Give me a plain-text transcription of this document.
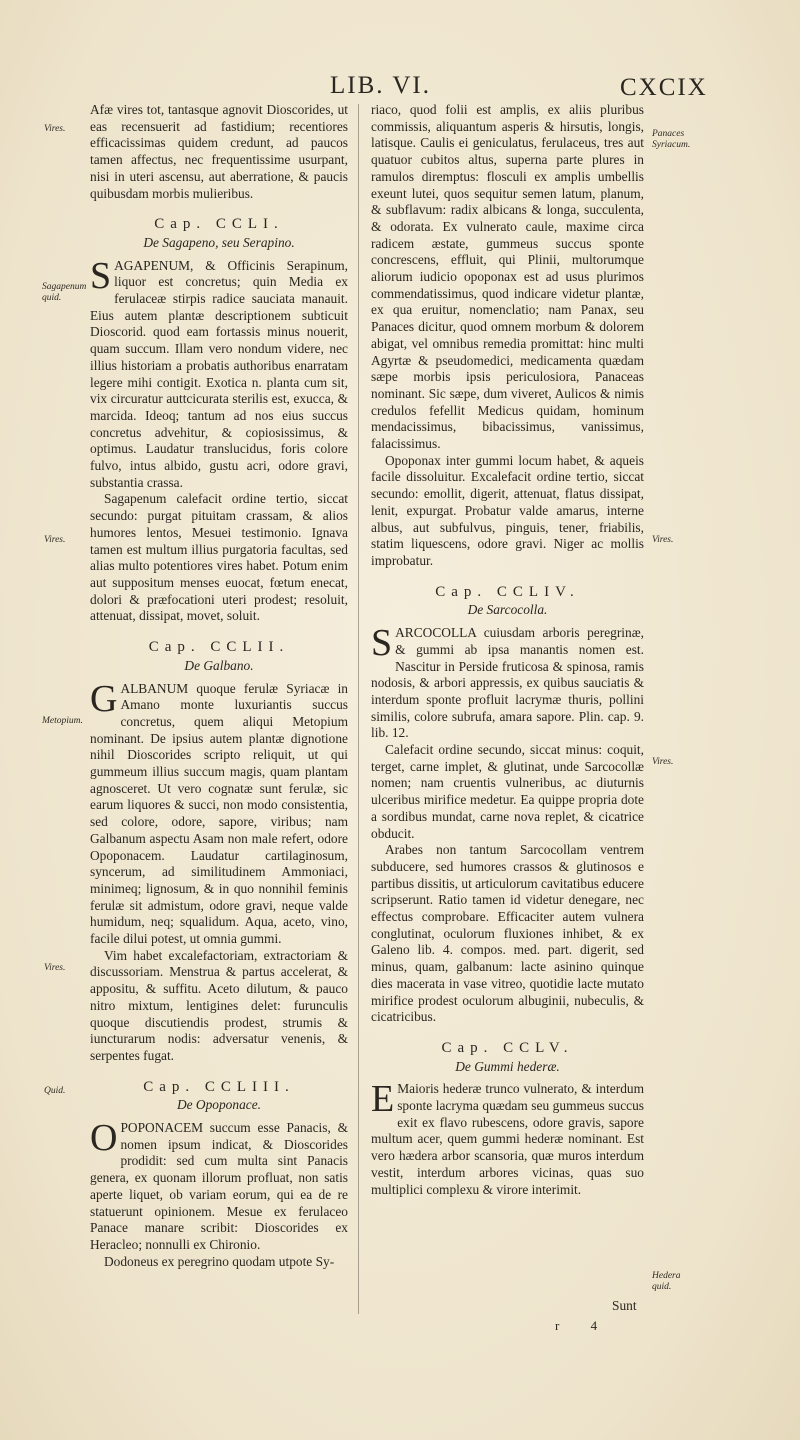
LIB. VI.	CXCIX
Vires.
Sagapenum quid.
Vires.
Metopium.
Vires.
Quid.
Panaces Syriacum.
Vires.
Vires.
Hedera quid.

Afæ vires tot, tantasque agnovit Dioscorides, ut eas recensuerit ad fastidium; recentiores efficacissimas quidem credunt, ad paucos tamen affectus, nec frequentissime usurpant, nisi in uteri ascensu, aut aberratione, & paucis quibusdam morbis mulieribus.

Cap. CCLI.
De Sagapeno, seu Serapino.

SAGAPENUM, & Officinis Serapinum, liquor est concretus; quin Media ex ferulaceæ stirpis radice sauciata manauit. Eius autem plantæ descriptionem subticuit Dioscorid. quod eam fortassis minus nouerit, quam succum. Illam vero nondum videre, nec illius historiam a probatis authoribus enarratam legere mihi contigit. Exotica n. planta cum sit, vix circuratur auttcicurata sterilis est, exucca, & marcida. Ideoq; tantum ad nos eius succus concretus advehitur, & copiosissimus, & optimus. Laudatur translucidus, foris colore fulvo, intus albido, gustu acri, odore gravi, substantia crassa.

Sagapenum calefacit ordine tertio, siccat secundo: purgat pituitam crassam, & alios humores lentos, Mesuei testimonio. Ignava tamen est multum illius purgatoria facultas, sed alias multo potentiores vires habet. Potum enim aut suppositum menses euocat, fœtum enecat, dolori & præfocationi uteri prodest; resoluit, attenuat, dissipat, movet, soluit.

Cap. CCLII.
De Galbano.

GALBANUM quoque ferulæ Syriacæ in Amano monte luxuriantis succus concretus, quem aliqui Metopium nominant. De ipsius autem plantæ dignotione nihil Dioscorides scripto reliquit, ut qui gummeum illius succum magis, quam plantam agnosceret. Ut vero cognatæ sunt ferulæ, sic earum liquores & succi, non modo consistentia, sed colore, odore, sapore, viribus; nam Galbanum aspectu Asam non male refert, odore Opoponacem. Laudatur cartilaginosum, syncerum, ad similitudinem Ammoniaci, minimeq; lignosum, & in quo nonnihil feminis ferulæ sit admistum, odore gravi, neque valde humidum, neq; squalidum. Aqua, aceto, vino, facile dilui potest, ut omnia gummi.

Vim habet excalefactoriam, extractoriam & discussoriam. Menstrua & partus accelerat, & appositu, & suffitu. Aceto dilutum, & pauco nitro mixtum, lentigines delet: furunculis quoque discutiendis prodest, strumis & iuncturarum nodis: adversatur venenis, & serpentes fugat.

Cap. CCLIII.
De Opoponace.

OPOPONACEM succum esse Panacis, & nomen ipsum indicat, & Dioscorides prodidit: sed cum multa sint Panacis genera, ex quonam illorum profluat, non satis aperte liquet, ob variam eorum, qui ea de re statuerunt opinionem. Mesue ex ferulaceo Panace manare scribit: Dioscorides ex Heracleo; nonnulli ex Chironio.

Dodoneus ex peregrino quodam utpote Sy-

riaco, quod folii est amplis, ex aliis pluribus commissis, aliquantum asperis & hirsutis, longis, latisque. Caulis ei geniculatus, ferulaceus, tres aut quatuor cubitos altus, superna parte plures in ramulos diremptus: flosculi ex amplis umbellis exeunt lutei, quos sequitur semen latum, planum, & subflavum: radix albicans & longa, succulenta, & odorata. Ex vulnerato caule, maxime circa radicem æstate, gummeus succus sponte concrescens, effluit, qui Plinii, multorumque aliorum iudicio opoponax est ad usus plurimos commendatissimus, quod indicare videtur plantæ, ex qua eruitur, nomenclatio; nam Panax, seu Panaces dicitur, quod omnem morbum & dolorem abigat, vel omnibus remedia promittat: hinc multi Agyrtæ & pseudomedici, medicamenta quædam sæpe morbis ipsis periculosiora, Panaceas nominant. Sic sæpe, dum viveret, Aulicos & nimis credulos fefellit Medicus quidam, hominum mendacissimus, bibacissimus, vanissimus, falacissimus.

Opoponax inter gummi locum habet, & aqueis facile dissoluitur. Excalefacit ordine tertio, siccat secundo: emollit, digerit, attenuat, flatus dissipat, lenit, expurgat. Probatur valde amarus, interne albus, aut subfulvus, pinguis, tener, friabilis, statim liquescens, odore gravi. Niger ac mollis improbatur.

Cap. CCLIV.
De Sarcocolla.

SARCOCOLLA cuiusdam arboris peregrinæ, & gummi ab ipsa manantis nomen est. Nascitur in Perside fruticosa & spinosa, ramis nodosis, & arbori appressis, ex quibus sauciatis & interdum sponte profluit lacrymæ thuris, pollini similis, colore subrufa, amara sapore. Plin. cap. 9. lib. 12.

Calefacit ordine secundo, siccat minus: coquit, terget, carne implet, & glutinat, unde Sarcocollæ nomen; nam cruentis vulneribus, ac diuturnis ulceribus mirifice medetur. Ea quippe propria dote a sordibus mundat, carne nova replet, & cicatrice obducit.

Arabes non tantum Sarcocollam ventrem subducere, sed humores crassos & glutinosos e partibus dissitis, ut articulorum cavitatibus educere scripserunt. Ratio tamen id videtur denegare, nec effectus comprobare. Efficaciter autem vulnera conglutinat, oculorum fluxiones inhibet, & ex Galeno lib. 4. compos. med. part. digerit, sed minus, quam, galbanum: lacte asinino quinque dies macerata in vase vitreo, quotidie lacte mutato mirifice prodest oculorum albuginii, nubeculis, & cicatricibus.

Cap. CCLV.
De Gummi hederæ.

E Maioris hederæ trunco vulnerato, & interdum sponte lacryma quædam seu gummeus succus exit ex flavo rubescens, odore gravis, sapore multum acer, quem gummi hederæ nominant. Est vero hædera arbor scansoria, quæ muros interdum vestit, interdum arbores vicinas, quas suo multiplici complexu & virore interimit.

Sunt
r 4
